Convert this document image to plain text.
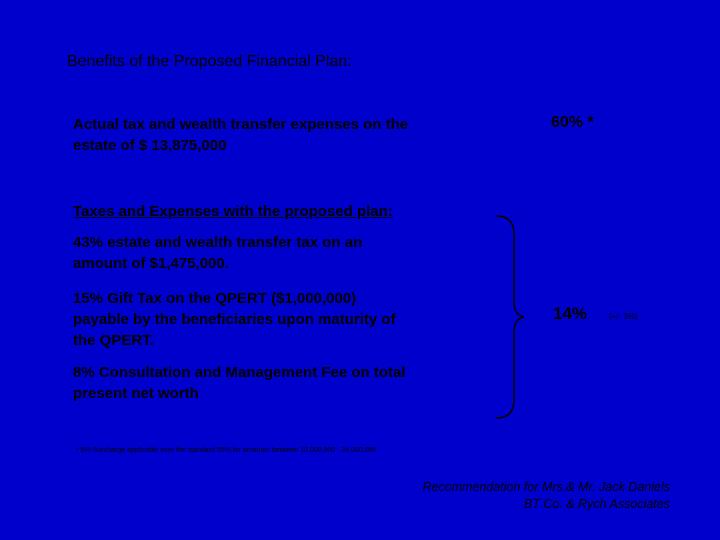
Benefits of the Proposed Financial Plan:
Actual tax and wealth transfer expenses on the
estate of $ 13,875,000
60% *
Taxes and Expenses with the proposed plan:
43% estate and wealth transfer tax on an
amount of $1,475,000.
15% Gift Tax on the QPERT ($1,000,000)
payable by the beneficiaries upon maturity of
the QPERT.
8% Consultation and Management Fee on total
present net worth
14%	(+/- 3%)
* 5% Surcharge applicable over the standard 55% for amounts between 10,000,000 - 24,000,000
Recommendation for Mrs.& Mr. Jack Daniels
BT Co. & Rych Associates
